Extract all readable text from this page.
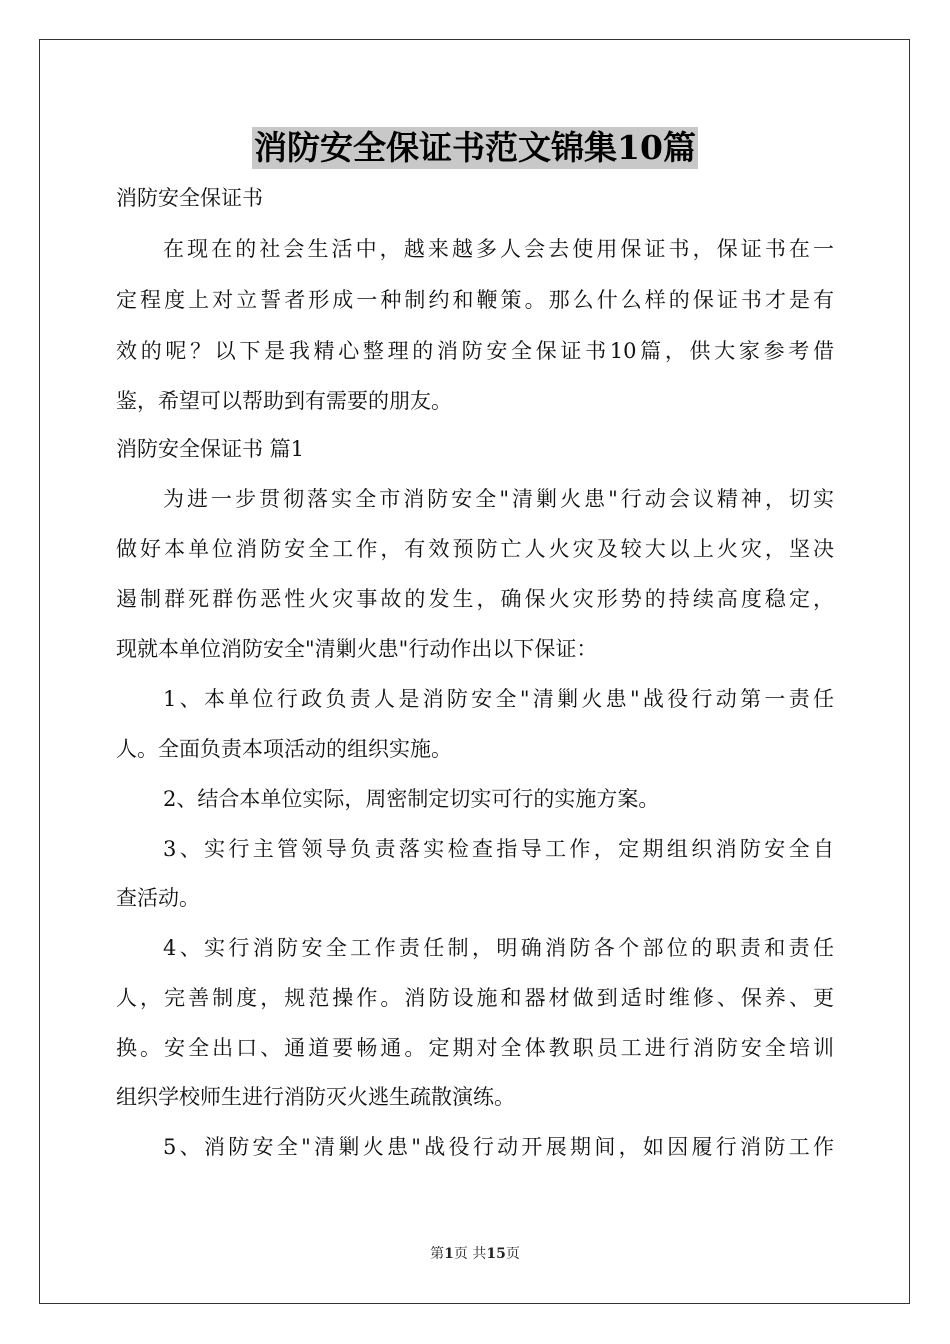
消防安全保证书范文锦集10篇
消防安全保证书
在现在的社会生活中，越来越多人会去使用保证书，保证书在一
定程度上对立誓者形成一种制约和鞭策。那么什么样的保证书才是有
效的呢？以下是我精心整理的消防安全保证书10篇，供大家参考借
鉴，希望可以帮助到有需要的朋友。
消防安全保证书 篇1
为进一步贯彻落实全市消防安全"清剿火患"行动会议精神，切实
做好本单位消防安全工作，有效预防亡人火灾及较大以上火灾，坚决
遏制群死群伤恶性火灾事故的发生，确保火灾形势的持续高度稳定，
现就本单位消防安全"清剿火患"行动作出以下保证：
1、本单位行政负责人是消防安全"清剿火患"战役行动第一责任
人。全面负责本项活动的组织实施。
2、结合本单位实际，周密制定切实可行的实施方案。
3、实行主管领导负责落实检查指导工作，定期组织消防安全自
查活动。
4、实行消防安全工作责任制，明确消防各个部位的职责和责任
人，完善制度，规范操作。消防设施和器材做到适时维修、保养、更
换。安全出口、通道要畅通。定期对全体教职员工进行消防安全培训
组织学校师生进行消防灭火逃生疏散演练。
5、消防安全"清剿火患"战役行动开展期间，如因履行消防工作
第1页 共15页
